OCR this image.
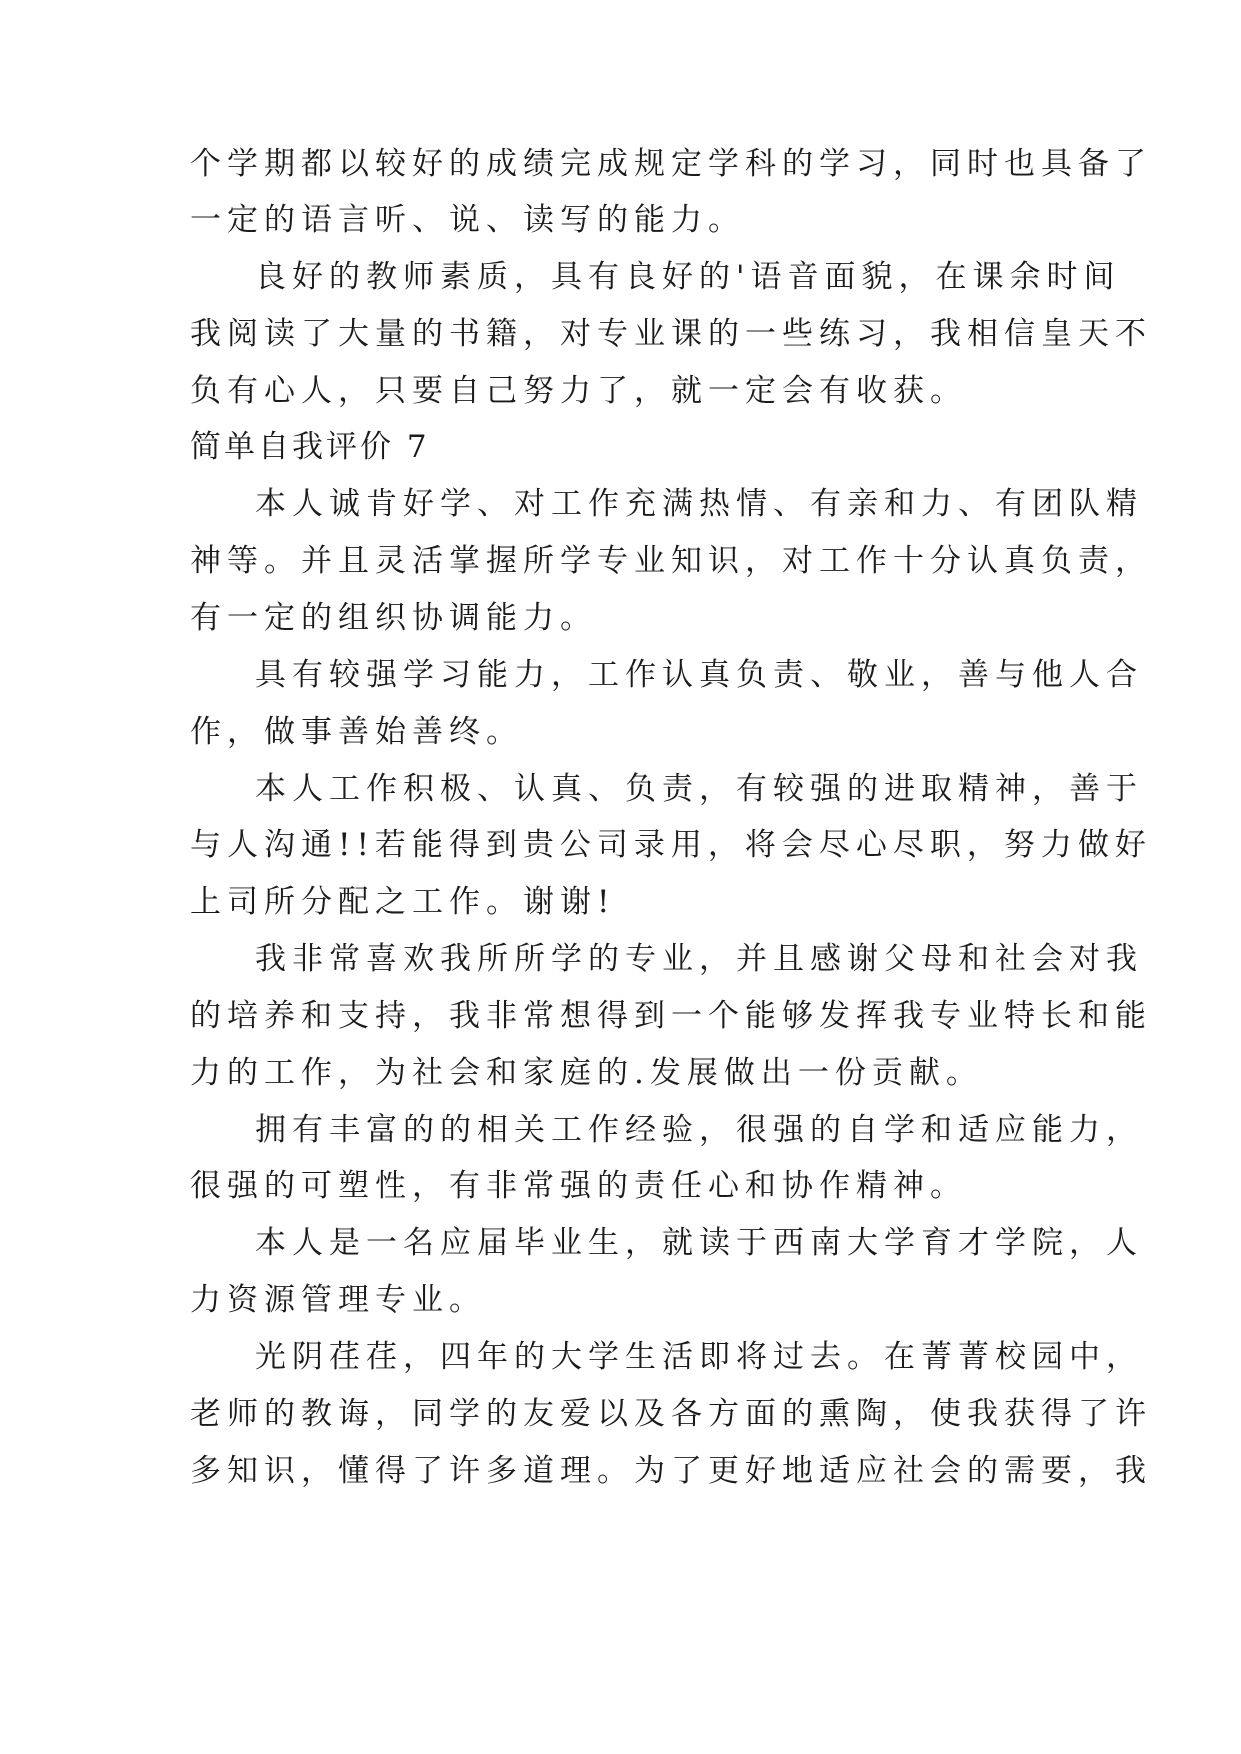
个学期都以较好的成绩完成规定学科的学习，同时也具备了
一定的语言听、说、读写的能力。
良好的教师素质，具有良好的'语音面貌，在课余时间
我阅读了大量的书籍，对专业课的一些练习，我相信皇天不
负有心人，只要自己努力了，就一定会有收获。
简单自我评价 7
本人诚肯好学、对工作充满热情、有亲和力、有团队精
神等。并且灵活掌握所学专业知识，对工作十分认真负责，
有一定的组织协调能力。
具有较强学习能力，工作认真负责、敬业，善与他人合
作，做事善始善终。
本人工作积极、认真、负责，有较强的进取精神，善于
与人沟通!!若能得到贵公司录用，将会尽心尽职，努力做好
上司所分配之工作。谢谢!
我非常喜欢我所所学的专业，并且感谢父母和社会对我
的培养和支持，我非常想得到一个能够发挥我专业特长和能
力的工作，为社会和家庭的.发展做出一份贡献。
拥有丰富的的相关工作经验，很强的自学和适应能力，
很强的可塑性，有非常强的责任心和协作精神。
本人是一名应届毕业生，就读于西南大学育才学院，人
力资源管理专业。
光阴荏荏，四年的大学生活即将过去。在菁菁校园中，
老师的教诲，同学的友爱以及各方面的熏陶，使我获得了许
多知识，懂得了许多道理。为了更好地适应社会的需要，我
